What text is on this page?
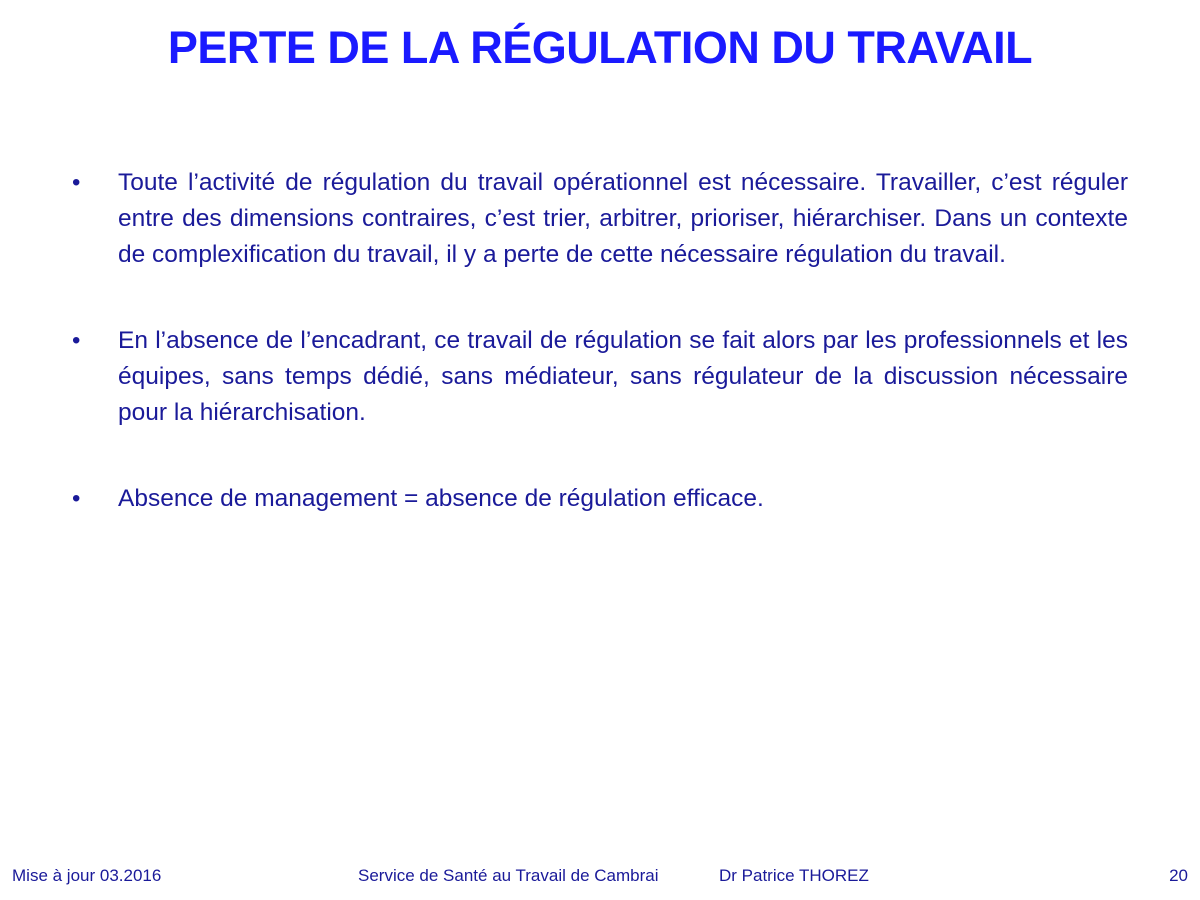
PERTE DE LA RÉGULATION DU TRAVAIL
• Toute l’activité de régulation du travail opérationnel est nécessaire. Travailler, c’est réguler entre des dimensions contraires, c’est trier, arbitrer, prioriser, hiérarchiser. Dans un contexte de complexification du travail, il y a perte de cette nécessaire régulation du travail.
• En l’absence de l’encadrant, ce travail de régulation se fait alors par les professionnels et les équipes, sans temps dédié, sans médiateur, sans régulateur de la discussion nécessaire pour la hiérarchisation.
• Absence de management = absence de régulation efficace.
Mise à jour 03.2016	Service de Santé au Travail de Cambrai	Dr Patrice THOREZ	20
